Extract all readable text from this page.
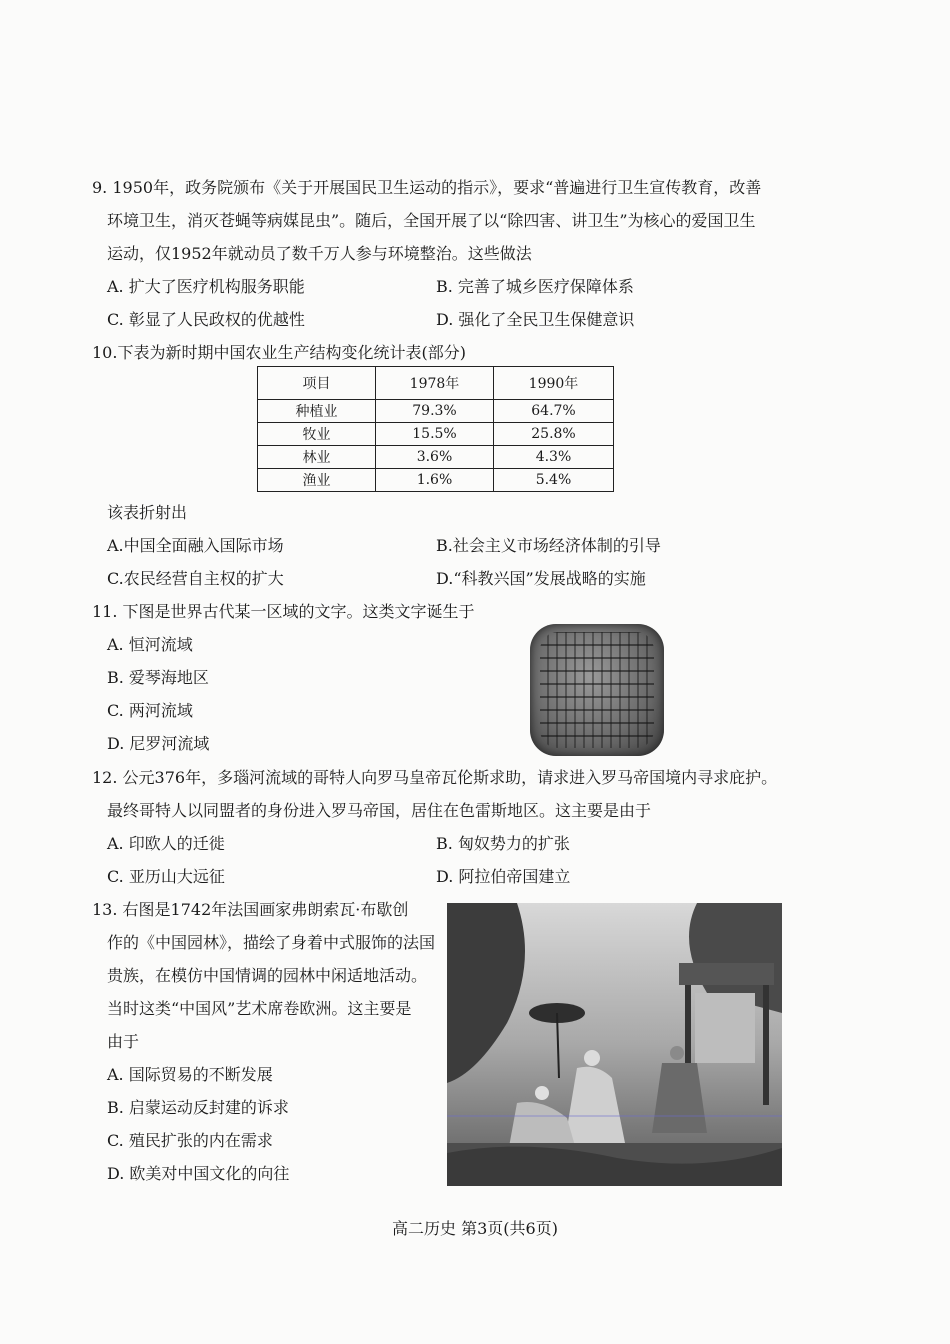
9. 1950年，政务院颁布《关于开展国民卫生运动的指示》，要求“普遍进行卫生宣传教育，改善
环境卫生，消灭苍蝇等病媒昆虫”。随后，全国开展了以“除四害、讲卫生”为核心的爱国卫生
运动，仅1952年就动员了数千万人参与环境整治。这些做法
A. 扩大了医疗机构服务职能	B. 完善了城乡医疗保障体系
C. 彰显了人民政权的优越性	D. 强化了全民卫生保健意识
10.下表为新时期中国农业生产结构变化统计表(部分)
项目	1978年	1990年
种植业	79.3%	64.7%
牧业	15.5%	25.8%
林业	3.6%	4.3%
渔业	1.6%	5.4%
该表折射出
A.中国全面融入国际市场	B.社会主义市场经济体制的引导
C.农民经营自主权的扩大	D.“科教兴国”发展战略的实施
11. 下图是世界古代某一区域的文字。这类文字诞生于
A. 恒河流域
B. 爱琴海地区
C. 两河流域
D. 尼罗河流域
12. 公元376年，多瑙河流域的哥特人向罗马皇帝瓦伦斯求助，请求进入罗马帝国境内寻求庇护。
最终哥特人以同盟者的身份进入罗马帝国，居住在色雷斯地区。这主要是由于
A. 印欧人的迁徙	B. 匈奴势力的扩张
C. 亚历山大远征	D. 阿拉伯帝国建立
13. 右图是1742年法国画家弗朗索瓦·布歇创
作的《中国园林》，描绘了身着中式服饰的法国
贵族，在模仿中国情调的园林中闲适地活动。
当时这类“中国风”艺术席卷欧洲。这主要是
由于
A. 国际贸易的不断发展
B. 启蒙运动反封建的诉求
C. 殖民扩张的内在需求
D. 欧美对中国文化的向往
高二历史 第3页(共6页)
